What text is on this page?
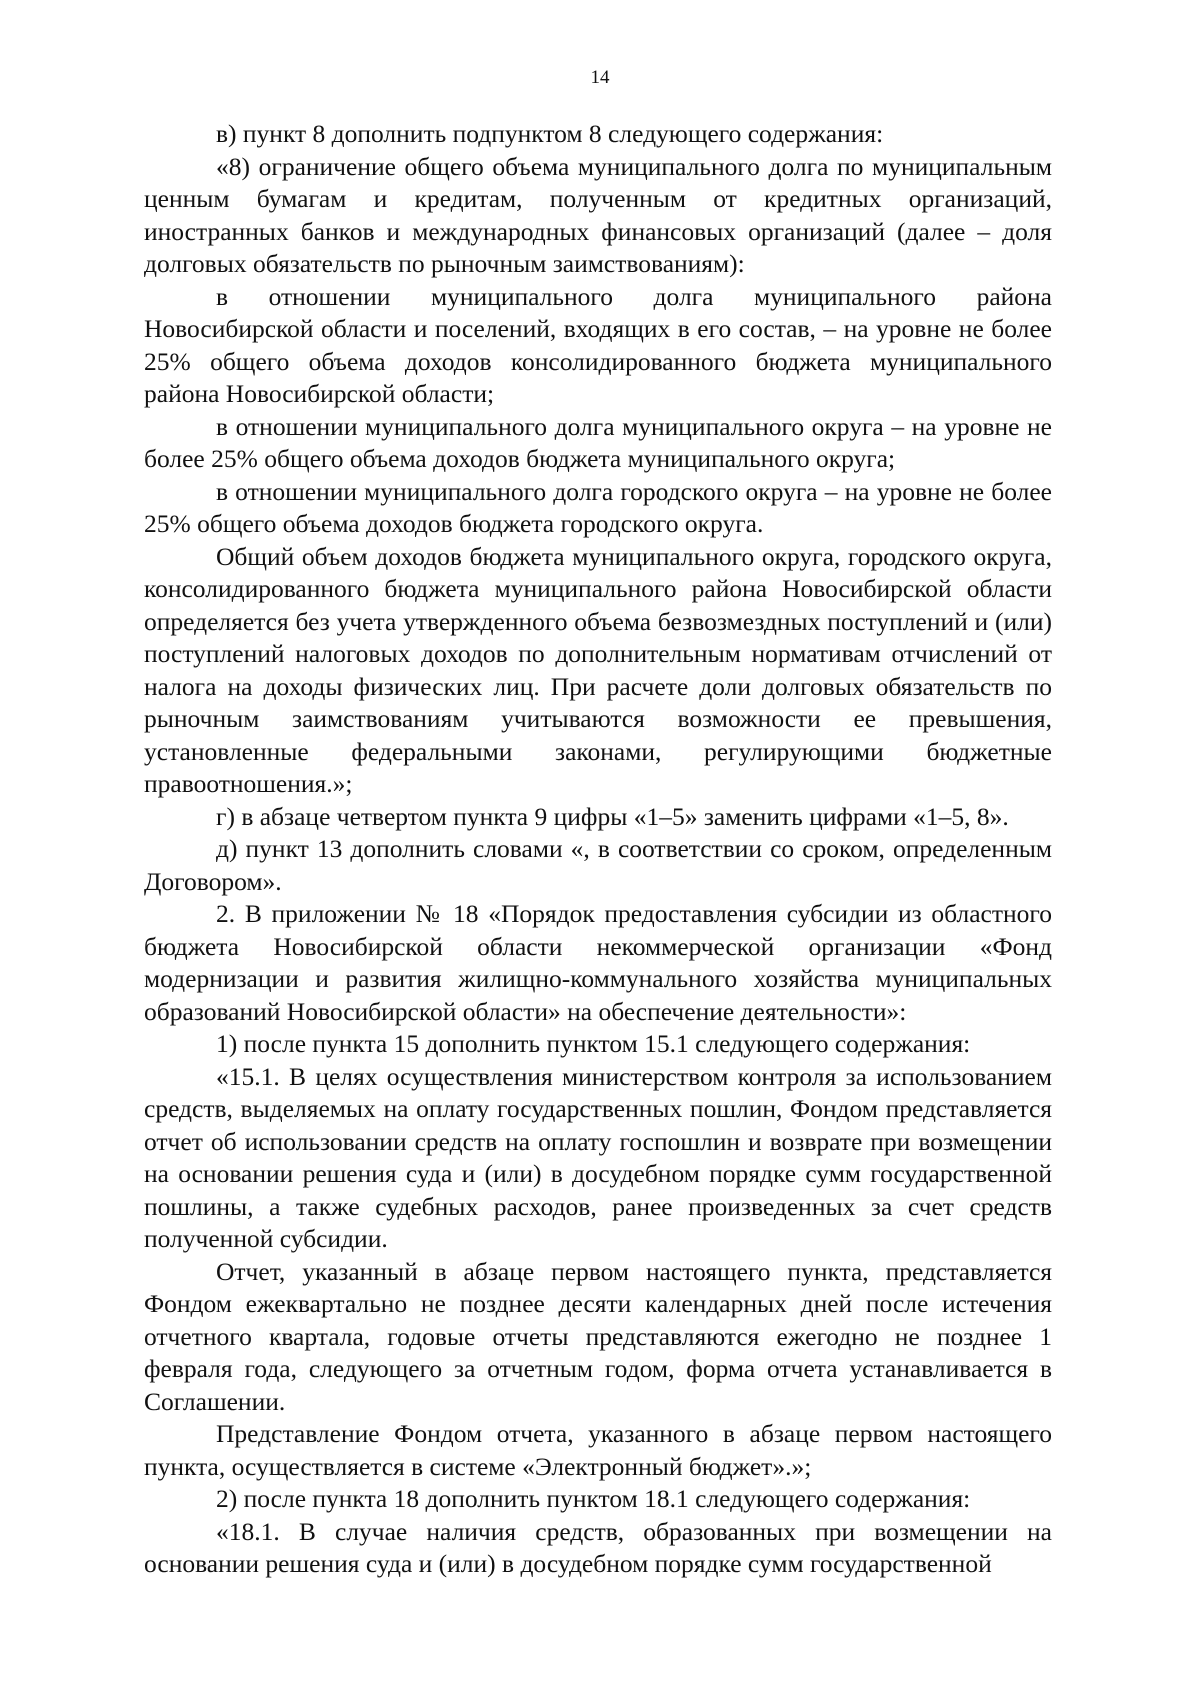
14

в) пункт 8 дополнить подпунктом 8 следующего содержания:

«8) ограничение общего объема муниципального долга по муниципальным ценным бумагам и кредитам, полученным от кредитных организаций, иностранных банков и международных финансовых организаций (далее – доля долговых обязательств по рыночным заимствованиям):

в отношении муниципального долга муниципального района Новосибирской области и поселений, входящих в его состав, – на уровне не более 25% общего объема доходов консолидированного бюджета муниципального района Новосибирской области;

в отношении муниципального долга муниципального округа – на уровне не более 25% общего объема доходов бюджета муниципального округа;

в отношении муниципального долга городского округа – на уровне не более 25% общего объема доходов бюджета городского округа.

Общий объем доходов бюджета муниципального округа, городского округа, консолидированного бюджета муниципального района Новосибирской области определяется без учета утвержденного объема безвозмездных поступлений и (или) поступлений налоговых доходов по дополнительным нормативам отчислений от налога на доходы физических лиц. При расчете доли долговых обязательств по рыночным заимствованиям учитываются возможности ее превышения, установленные федеральными законами, регулирующими бюджетные правоотношения.»;

г) в абзаце четвертом пункта 9 цифры «1–5» заменить цифрами «1–5, 8».

д) пункт 13 дополнить словами «, в соответствии со сроком, определенным Договором».

2. В приложении № 18 «Порядок предоставления субсидии из областного бюджета Новосибирской области некоммерческой организации «Фонд модернизации и развития жилищно-коммунального хозяйства муниципальных образований Новосибирской области» на обеспечение деятельности»:

1) после пункта 15 дополнить пунктом 15.1 следующего содержания:

«15.1. В целях осуществления министерством контроля за использованием средств, выделяемых на оплату государственных пошлин, Фондом представляется отчет об использовании средств на оплату госпошлин и возврате при возмещении на основании решения суда и (или) в досудебном порядке сумм государственной пошлины, а также судебных расходов, ранее произведенных за счет средств полученной субсидии.

Отчет, указанный в абзаце первом настоящего пункта, представляется Фондом ежеквартально не позднее десяти календарных дней после истечения отчетного квартала, годовые отчеты представляются ежегодно не позднее 1 февраля года, следующего за отчетным годом, форма отчета устанавливается в Соглашении.

Представление Фондом отчета, указанного в абзаце первом настоящего пункта, осуществляется в системе «Электронный бюджет».»;

2) после пункта 18 дополнить пунктом 18.1 следующего содержания:

«18.1. В случае наличия средств, образованных при возмещении на основании решения суда и (или) в досудебном порядке сумм государственной
